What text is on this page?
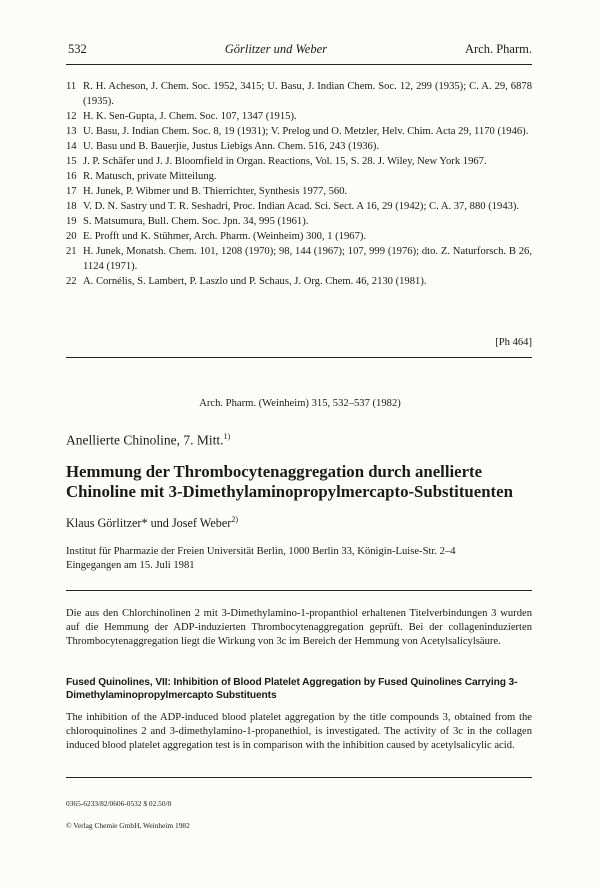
532	Görlitzer und Weber	Arch. Pharm.
11 R. H. Acheson, J. Chem. Soc. 1952, 3415; U. Basu, J. Indian Chem. Soc. 12, 299 (1935); C. A. 29, 6878 (1935).
12 H. K. Sen-Gupta, J. Chem. Soc. 107, 1347 (1915).
13 U. Basu, J. Indian Chem. Soc. 8, 19 (1931); V. Prelog und O. Metzler, Helv. Chim. Acta 29, 1170 (1946).
14 U. Basu und B. Bauerjie, Justus Liebigs Ann. Chem. 516, 243 (1936).
15 J. P. Schäfer und J. J. Bloomfield in Organ. Reactions, Vol. 15, S. 28. J. Wiley, New York 1967.
16 R. Matusch, private Mitteilung.
17 H. Junek, P. Wibmer und B. Thierrichter, Synthesis 1977, 560.
18 V. D. N. Sastry und T. R. Seshadri, Proc. Indian Acad. Sci. Sect. A 16, 29 (1942); C. A. 37, 880 (1943).
19 S. Matsumura, Bull. Chem. Soc. Jpn. 34, 995 (1961).
20 E. Profft und K. Stühmer, Arch. Pharm. (Weinheim) 300, 1 (1967).
21 H. Junek, Monatsh. Chem. 101, 1208 (1970); 98, 144 (1967); 107, 999 (1976); dto. Z. Naturforsch. B 26, 1124 (1971).
22 A. Cornélis, S. Lambert, P. Laszlo und P. Schaus, J. Org. Chem. 46, 2130 (1981).
[Ph 464]
Arch. Pharm. (Weinheim) 315, 532–537 (1982)
Anellierte Chinoline, 7. Mitt.$^{1)}$
Hemmung der Thrombocytenaggregation durch anellierte
Chinoline mit 3-Dimethylaminopropylmercapto-Substituenten
Klaus Görlitzer* und Josef Weber$^{2)}$
Institut für Pharmazie der Freien Universität Berlin, 1000 Berlin 33, Königin-Luise-Str. 2–4
Eingegangen am 15. Juli 1981
Die aus den Chlorchinolinen 2 mit 3-Dimethylamino-1-propanthiol erhaltenen Titelverbindungen 3 wurden auf die Hemmung der ADP-induzierten Thrombocytenaggregation geprüft. Bei der collageninduzierten Thrombocytenaggregation liegt die Wirkung von 3c im Bereich der Hemmung von Acetylsalicylsäure.
Fused Quinolines, VII: Inhibition of Blood Platelet Aggregation by Fused Quinolines Carrying 3-Dimethylaminopropylmercapto Substituents
The inhibition of the ADP-induced blood platelet aggregation by the title compounds 3, obtained from the chloroquinolines 2 and 3-dimethylamino-1-propanethiol, is investigated. The activity of 3c in the collagen induced blood platelet aggregation test is in comparison with the inhibition caused by acetylsalicylic acid.
0365-6233/82/0606-0532 $ 02.50/0
© Verlag Chemie GmbH, Weinheim 1982
